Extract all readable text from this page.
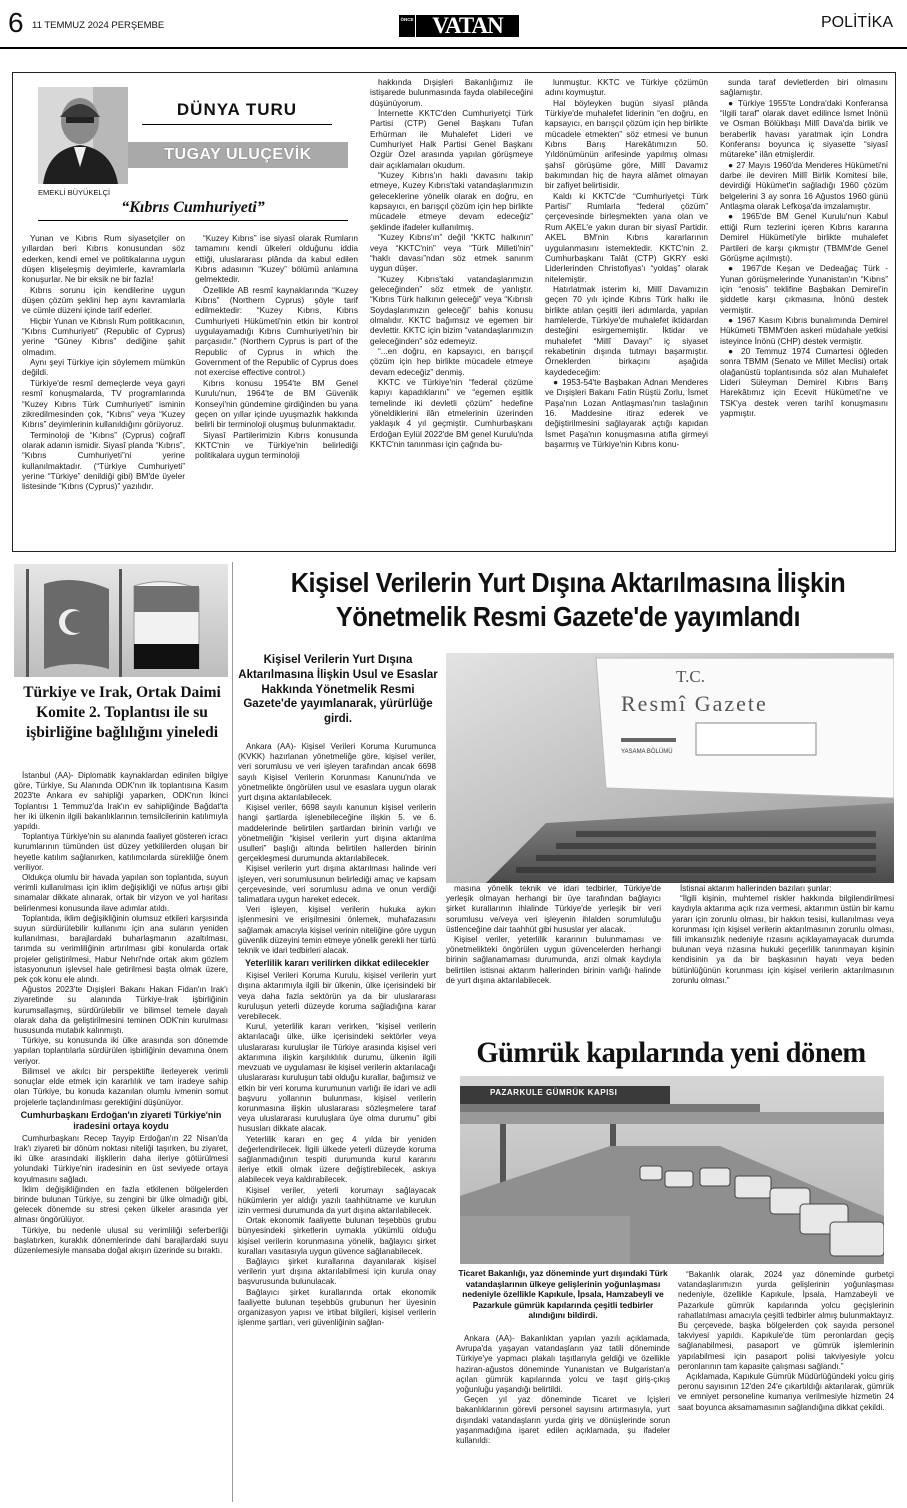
6 11 TEMMUZ 2024 PERŞEMBE
ÖNCE VATAN	POLİTİKA
DÜNYA TURU
TUGAY ULUÇEVİK
EMEKLİ BÜYÜKELÇİ
“Kıbrıs Cumhuriyeti”

Yunan ve Kıbrıs Rum siyasetçiler on yıllardan beri Kıbrıs konusundan söz ederken, kendi emel ve politikalarına uygun düşen klişeleşmiş deyimlerle, kavramlarla konuşurlar. Ne bir eksik ne bir fazla!

Kıbrıs sorunu için kendilerine uygun düşen çözüm şeklini hep aynı kavramlarla ve cümle düzeni içinde tarif ederler.

Hiçbir Yunan ve Kıbrıslı Rum politikacının, “Kıbrıs Cumhuriyeti” (Republic of Cyprus) yerine “Güney Kıbrıs” dediğine şahit olmadım.

Aynı şeyi Türkiye için söylemem mümkün değildi.

Türkiye'de resmî demeçlerde veya gayri resmî konuşmalarda, TV programlarında “Kuzey Kıbrıs Türk Cumhuriyeti” isminin zikredilmesinden çok, “Kıbrıs” veya “Kuzey Kıbrıs” deyimlerinin kullanıldığını görüyoruz.

Terminoloji de “Kıbrıs” (Cyprus) coğrafî olarak adanın ismidir. Siyasî planda “Kıbrıs”, “Kıbrıs Cumhuriyeti”ni yerine kullanılmaktadır. (“Türkiye Cumhuriyeti” yerine “Türkiye” denildiği gibi) BM'de üyeler listesinde “Kıbrıs (Cyprus)” yazılıdır.

“Kuzey Kıbrıs” ise siyasî olarak Rumların tamamını kendi ülkeleri olduğunu iddia ettiği, uluslararası plânda da kabul edilen Kıbrıs adasının “Kuzey” bölümü anlamına gelmektedir.

Özellikle AB resmî kaynaklarında “Kuzey Kıbrıs” (Northern Cyprus) şöyle tarif edilmektedir: “Kuzey Kıbrıs, Kıbrıs Cumhuriyeti Hükümeti'nin etkin bir kontrol uygulayamadığı Kıbrıs Cumhuriyeti'nin bir parçasıdır.” (Northern Cyprus is part of the Republic of Cyprus in which the Government of the Republic of Cyprus does not exercise effective control.)

Kıbrıs konusu 1954'te BM Genel Kurulu'nun, 1964'te de BM Güvenlik Konseyi'nin gündemine girdiğinden bu yana geçen on yıllar içinde uyuşmazlık hakkında belirli bir terminoloji oluşmuş bulunmaktadır.

Siyasî Partilerimizin Kıbrıs konusunda KKTC'nin ve Türkiye'nin belirlediği politikalara uygun terminoloji

hakkında Dışişleri Bakanlığımız ile istişarede bulunmasında fayda olabileceğini düşünüyorum.

İnternette KKTC'den Cumhuriyetçi Türk Partisi (CTP) Genel Başkanı Tufan Erhürman ile Muhalefet Lideri ve Cumhuriyet Halk Partisi Genel Başkanı Özgür Özel arasında yapılan görüşmeye dair açıklamaları okudum.

“Kuzey Kıbrıs'ın haklı davasını takip etmeye, Kuzey Kıbrıs'taki vatandaşlarımızın geleceklerine yönelik olarak en doğru, en kapsayıcı, en barışçıl çözüm için hep birlikte mücadele etmeye devam edeceğiz” şeklinde ifadeler kullanılmış.

“Kuzey Kıbrıs'ın” değil “KKTC halkının” veya “KKTC'nin” veya “Türk Milleti'nin” “haklı davası”ndan söz etmek sanırım uygun düşer.

“Kuzey Kıbrıs'taki vatandaşlarımızın geleceğinden” söz etmek de yanlıştır. “Kıbrıs Türk halkının geleceği” veya “Kıbrıslı Soydaşlarımızın geleceği” bahis konusu olmalıdır. KKTC bağımsız ve egemen bir devlettir. KKTC için bizim “vatandaşlarımızın geleceğinden” söz edemeyiz.

“...en doğru, en kapsayıcı, en barışçıl çözüm için hep birlikte mücadele etmeye devam edeceğiz” denmiş.

KKTC ve Türkiye'nin “federal çözüme kapıyı kapadıklarını” ve “egemen eşitlik temelinde iki devletli çözüm” hedefine yöneldiklerini ilân etmelerinin üzerinden yaklaşık 4 yıl geçmiştir. Cumhurbaşkanı Erdoğan Eylül 2022'de BM genel Kurulu'nda KKTC'nin tanınması için çağrıda bu-

lunmuştur. KKTC ve Türkiye çözümün adını koymuştur.

Hal böyleyken bugün siyasî plânda Türkiye'de muhalefet liderinin “en doğru, en kapsayıcı, en barışçıl çözüm için hep birlikte mücadele etmekten” söz etmesi ve bunun Kıbrıs Barış Harekâtımızın 50. Yıldönümünün arifesinde yapılmış olması şahsî görüşüme göre, Millî Davamız bakımından hiç de hayra alâmet olmayan bir zafiyet belirtisidir.

Kaldı ki KKTC'de “Cumhuriyetçi Türk Partisi” Rumlarla “federal çözüm” çerçevesinde birleşmekten yana olan ve Rum AKEL'e yakın duran bir siyasî Partidir. AKEL BM'nin Kıbrıs kararlarının uygulanmasını istemektedir. KKTC'nin 2. Cumhurbaşkanı Talât (CTP) GKRY eski Liderlerinden Christofiyas'ı “yoldaş” olarak nitelemiştir.

Hatırlatmak isterim ki, Millî Davamızın geçen 70 yılı içinde Kıbrıs Türk halkı ile birlikte atılan çeşitli ileri adımlarda, yapılan hamlelerde, Türkiye'de muhalefet iktidardan desteğini esirgememiştir. İktidar ve muhalefet “Millî Davayı” iç siyaset rekabetinin dışında tutmayı başarmıştır. Örneklerden birkaçını aşağıda kaydedeceğim:

● 1953-54'te Başbakan Adnan Menderes ve Dışişleri Bakanı Fatin Rüştü Zorlu, İsmet Paşa'nın Lozan Antlaşması'nın taslağının 16. Maddesine itiraz ederek ve değiştirilmesini sağlayarak açtığı kapıdan İsmet Paşa'nın konuşmasına atıfla girmeyi başarmış ve Türkiye'nin Kıbrıs konu-

sunda taraf devletlerden biri olmasını sağlamıştır.

● Türkiye 1955'te Londra'daki Konferansa “ilgili taraf” olarak davet edilince İsmet İnönü ve Osman Bölükbaşı Millî Dava'da birlik ve beraberlik havası yaratmak için Londra Konferansı boyunca iç siyasette “siyasî mütareke” ilân etmişlerdir.

● 27 Mayıs 1960'da Menderes Hükümeti'ni darbe ile deviren Millî Birlik Komitesi bile, devirdiği Hükümet'in sağladığı 1960 çözüm belgelerini 3 ay sonra 16 Ağustos 1960 günü Antlaşma olarak Lefkoşa'da imzalamıştır.

● 1965'de BM Genel Kurulu'nun Kabul ettiği Rum tezlerini içeren Kıbrıs kararına Demirel Hükümeti'yle birlikte muhalefet Partileri de karşı çıkmıştır (TBMM'de Genel Görüşme açılmıştı).

● 1967'de Keşan ve Dedeağaç Türk -Yunan görüşmelerinde Yunanistan'ın “Kıbrıs” için “enosis” teklifine Başbakan Demirel'in şiddetle karşı çıkmasına, İnönü destek vermiştir.

● 1967 Kasım Kıbrıs bunalımında Demirel Hükümeti TBMM'den askeri müdahale yetkisi isteyince İnönü (CHP) destek vermiştir.

● 20 Temmuz 1974 Cumartesi öğleden sonra TBMM (Senato ve Millet Meclisi) ortak olağanüstü toplantısında söz alan Muhalefet Lideri Süleyman Demirel Kıbrıs Barış Harekâtımız için Ecevit Hükümeti'ne ve TSK'ya destek veren tarihî konuşmasını yapmıştır.

Türkiye ve Irak, Ortak Daimi Komite 2. Toplantısı ile su işbirliğine bağlılığını yineledi

İstanbul (AA)- Diplomatik kaynaklardan edinilen bilgiye göre, Türkiye, Su Alanında ODK'nın ilk toplantısına Kasım 2023'te Ankara ev sahipliği yaparken, ODK'nın İkinci Toplantısı 1 Temmuz'da Irak'ın ev sahipliğinde Bağdat'ta her iki ülkenin ilgili bakanlıklarının temsilcilerinin katılımıyla yapıldı.

Toplantıya Türkiye'nin su alanında faaliyet gösteren icracı kurumlarının tümünden üst düzey yetkililerden oluşan bir heyetle katılım sağlanırken, katılımcılarda süreklilğe önem veriliyor.

Oldukça olumlu bir havada yapılan son toplantıda, suyun verimli kullanılması için iklim değişikliği ve nüfus artışı gibi sınamalar dikkate alınarak, ortak bir vizyon ve yol haritası belirlenmesi konusunda ilave adımlar atıldı.

Toplantıda, iklim değişikliğinin olumsuz etkileri karşısında suyun sürdürülebilir kullanımı için ana suların yeniden kullanılması, barajlardaki buharlaşmanın azaltılması, tarımda su verimliliğinin artırılması gibi konularda ortak projeler geliştirilmesi, Habur Nehri'nde ortak akım gözlem istasyonunun işlevsel hale getirilmesi başta olmak üzere, pek çok konu ele alındı.

Ağustos 2023'te Dışişleri Bakanı Hakan Fidan'ın Irak'ı ziyaretinde su alanında Türkiye-Irak işbirliğinin kurumsallaşmış, sürdürülebilir ve bilimsel temele dayalı olarak daha da geliştirilmesini teminen ODK'nin kurulması hususunda mutabık kalınmıştı.

Türkiye, su konusunda iki ülke arasında son dönemde yapılan toplantılarla sürdürülen işbirliğinin devamına önem veriyor.

Bilimsel ve akılcı bir perspektifte ilerleyerek verimli sonuçlar elde etmek için kararlılık ve tam iradeye sahip olan Türkiye, bu konuda kazanılan olumlu ivmenin somut projelerle taçlandırılması gerektiğini düşünüyor.

Cumhurbaşkanı Erdoğan'ın ziyareti Türkiye'nin iradesini ortaya koydu

Cumhurbaşkanı Recep Tayyip Erdoğan'ın 22 Nisan'da Irak'ı ziyareti bir dönüm noktası niteliği taşırken, bu ziyaret, iki ülke arasındaki ilişkilerin daha ileriye götürülmesi yolundaki Türkiye'nin iradesinin en üst seviyede ortaya koyulmasını sağladı.

İklim değişikliğinden en fazla etkilenen bölgelerden birinde bulunan Türkiye, su zengini bir ülke olmadığı gibi, gelecek dönemde su stresi çeken ülkeler arasında yer alması öngörülüyor.

Türkiye, bu nedenle ulusal su verimliliği seferberliği başlatırken, kuraklık dönemlerinde dahi barajlardaki suyu düzenlemesiyle mansaba doğal akışın üzerinde su bıraktı.

Kişisel Verilerin Yurt Dışına Aktarılmasına İlişkin Yönetmelik Resmi Gazete'de yayımlandı
Kişisel Verilerin Yurt Dışına Aktarılmasına İlişkin Usul ve Esaslar Hakkında Yönetmelik Resmi Gazete'de yayımlanarak, yürürlüğe girdi.

Ankara (AA)- Kişisel Verileri Koruma Kurumunca (KVKK) hazırlanan yönetmeliğe göre, kişisel veriler, veri sorumlusu ve veri işleyen tarafından ancak 6698 sayılı Kişisel Verilerin Korunması Kanunu'nda ve yönetmelikte öngörülen usul ve esaslara uygun olarak yurt dışına aktarılabilecek.

Kişisel veriler, 6698 sayılı kanunun kişisel verilerin hangi şartlarda işlenebileceğine ilişkin 5. ve 6. maddelerinde belirtilen şartlardan birinin varlığı ve yönetmeliğin “kişisel verilerin yurt dışına aktarılma usulleri” başlığı altında belirtilen hallerden birinin gerçekleşmesi durumunda aktarılabilecek.

Kişisel verilerin yurt dışına aktarılması halinde veri işleyen, veri sorumlusunun belirlediği amaç ve kapsam çerçevesinde, veri sorumlusu adına ve onun verdiği talimatlara uygun hareket edecek.

Veri işleyen, kişisel verilerin hukuka aykırı işlenmesini ve erişilmesini önlemek, muhafazasını sağlamak amacıyla kişisel verinin niteliğine göre uygun güvenlik düzeyini temin etmeye yönelik gerekli her türlü teknik ve idari tedbirleri alacak.

Yeterlilik kararı verilirken dikkat edilecekler

Kişisel Verileri Koruma Kurulu, kişisel verilerin yurt dışına aktarımıyla ilgili bir ülkenin, ülke içerisindeki bir veya daha fazla sektörün ya da bir uluslararası kuruluşun yeterli düzeyde koruma sağladığına karar verebilecek.

Kurul, yeterlilik kararı verirken, “kişisel verilerin aktarılacağı ülke, ülke içerisindeki sektörler veya uluslararası kuruluşlar ile Türkiye arasında kişisel veri aktarımına ilişkin karşılıklılık durumu, ülkenin ilgili mevzuatı ve uygulaması ile kişisel verilerin aktarılacağı uluslararası kuruluşun tabi olduğu kurallar, bağımsız ve etkin bir veri koruma kurumunun varlığı ile idari ve adli başvuru yollarının bulunması, kişisel verilerin korunmasına ilişkin uluslararası sözleşmelere taraf veya uluslararası kuruluşlara üye olma durumu” gibi hususları dikkate alacak.

Yeterlilik kararı en geç 4 yılda bir yeniden değerlendirilecek. İlgili ülkede yeterli düzeyde koruma sağlanmadığının tespiti durumunda kurul kararını ileriye etkili olmak üzere değiştirebilecek, askıya alabilecek veya kaldırabilecek.

Kişisel veriler, yeterli korumayı sağlayacak hükümlerin yer aldığı yazılı taahhütname ve kurulun izin vermesi durumunda da yurt dışına aktarılabilecek.

Ortak ekonomik faaliyette bulunan teşebbüs grubu bünyesindeki şirketlerin uymakla yükümlü olduğu kişisel verilerin korunmasına yönelik, bağlayıcı şirket kuralları vasıtasıyla uygun güvence sağlanabilecek.

Bağlayıcı şirket kurallarına dayanılarak kişisel verilerin yurt dışına aktarılabilmesi için kurula onay başvurusunda bulunulacak.

Bağlayıcı şirket kurallarında ortak ekonomik faaliyette bulunan teşebbüs grubunun her üyesinin organizasyon yapısı ve irtibat bilgileri, kişisel verilerin işlenme şartları, veri güvenliğinin sağlan-

T.C.
Resmî Gazete
YASAMA BÖLÜMÜ

masına yönelik teknik ve idari tedbirler, Türkiye'de yerleşik olmayan herhangi bir üye tarafından bağlayıcı şirket kurallarının ihlalinde Türkiye'de yerleşik bir veri sorumlusu ve/veya veri işleyenin ihlalden sorumluluğu üstlenceğine dair taahhüt gibi hususlar yer alacak.

Kişisel veriler, yeterlilik kararının bulunmaması ve yönetmelikteki öngörülen uygun güvencelerden herhangi birinin sağlanamaması durumunda, arızi olmak kaydıyla belirtilen istisnai aktarım hallerinden birinin varlığı halinde de yurt dışına aktarılabilecek.

İstisnai aktarım hallerinden bazıları şunlar:

“İlgili kişinin, muhtemel riskler hakkında bilgilendirilmesi kaydıyla aktarıma açık rıza vermesi, aktarımın üstün bir kamu yararı için zorunlu olması, bir hakkın tesisi, kullanılması veya korunması için kişisel verilerin aktarılmasının zorunlu olması, fiili imkansızlık nedeniyle rızasını açıklayamayacak durumda bulunan veya rızasına hukuki geçerlilik tanınmayan kişinin kendisinin ya da bir başkasının hayatı veya beden bütünlüğünün korunması için kişisel verilerin aktarılmasının zorunlu olması.”

Gümrük kapılarında yeni dönem
PAZARKULE GÜMRÜK KAPISI
Ticaret Bakanlığı, yaz döneminde yurt dışındaki Türk vatandaşlarının ülkeye gelişlerinin yoğunlaşması nedeniyle özellikle Kapıkule, İpsala, Hamzabeyli ve Pazarkule gümrük kapılarında çeşitli tedbirler alındığını bildirdi.

Ankara (AA)- Bakanlıktan yapılan yazılı açıklamada, Avrupa'da yaşayan vatandaşların yaz tatili döneminde Türkiye'ye yapmacı plakalı taşıtlarıyla geldiği ve özellikle haziran-ağustos döneminde Yunanistan ve Bulgaristan'a açılan gümrük kapılarında yolcu ve taşıt giriş-çıkış yoğunluğu yaşandığı belirtildi.

Geçen yıl yaz döneminde Ticaret ve İçişleri bakanlıklarının görevli personel sayısını artırmasıyla, yurt dışındaki vatandaşların yurda giriş ve dönüşlerinde sorun yaşanmadığına işaret edilen açıklamada, şu ifadeler kullanıldı:

“Bakanlık olarak, 2024 yaz döneminde gurbetçi vatandaşlarımızın yurda gelişlerinin yoğunlaşması nedeniyle, özellikle Kapıkule, İpsala, Hamzabeyli ve Pazarkule gümrük kapılarında yolcu geçişlerinin rahatlatılması amacıyla çeşitli tedbirler almış bulunmaktayız. Bu çerçevede, başka bölgelerden çok sayıda personel takviyesi yapıldı. Kapıkule'de tüm peronlardan geçiş sağlanabilmesi, pasaport ve gümrük işlemlerinin yapılabilmesi için pasaport polisi takviyesiyle yolcu peronlarının tam kapasite çalışması sağlandı.”

Açıklamada, Kapıkule Gümrük Müdürlüğündeki yolcu giriş peronu sayısının 12'den 24'e çıkartıldığı aktarılarak, gümrük ve emniyet personeline kumanya verilmesiyle hizmetin 24 saat boyunca aksamamasının sağlandığına dikkat çekildi.
